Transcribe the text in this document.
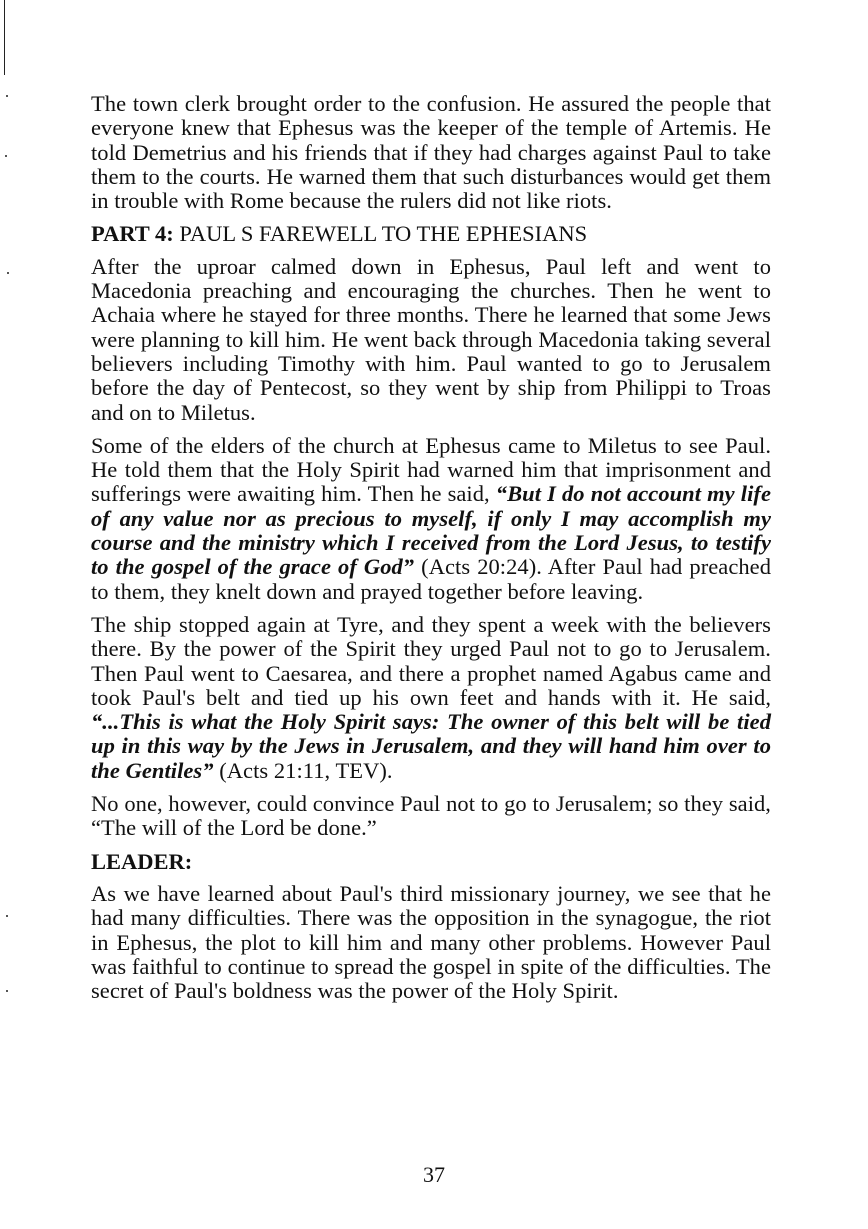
The town clerk brought order to the confusion. He assured the people that everyone knew that Ephesus was the keeper of the temple of Artemis. He told Demetrius and his friends that if they had charges against Paul to take them to the courts. He warned them that such disturbances would get them in trouble with Rome because the rulers did not like riots.

PART 4: PAUL S FAREWELL TO THE EPHESIANS

After the uproar calmed down in Ephesus, Paul left and went to Macedonia preaching and encouraging the churches. Then he went to Achaia where he stayed for three months. There he learned that some Jews were planning to kill him. He went back through Macedonia taking several believers including Timothy with him. Paul wanted to go to Jerusalem before the day of Pentecost, so they went by ship from Philippi to Troas and on to Miletus.

Some of the elders of the church at Ephesus came to Miletus to see Paul. He told them that the Holy Spirit had warned him that imprisonment and sufferings were awaiting him. Then he said, “But I do not account my life of any value nor as precious to myself, if only I may accomplish my course and the ministry which I received from the Lord Jesus, to testify to the gospel of the grace of God” (Acts 20:24). After Paul had preached to them, they knelt down and prayed together before leaving.

The ship stopped again at Tyre, and they spent a week with the believers there. By the power of the Spirit they urged Paul not to go to Jerusalem. Then Paul went to Caesarea, and there a prophet named Agabus came and took Paul's belt and tied up his own feet and hands with it. He said, “...This is what the Holy Spirit says: The owner of this belt will be tied up in this way by the Jews in Jerusalem, and they will hand him over to the Gentiles” (Acts 21:11, TEV).

No one, however, could convince Paul not to go to Jerusalem; so they said, “The will of the Lord be done.”

LEADER:

As we have learned about Paul's third missionary journey, we see that he had many difficulties. There was the opposition in the synagogue, the riot in Ephesus, the plot to kill him and many other problems. However Paul was faithful to continue to spread the gospel in spite of the difficulties. The secret of Paul's boldness was the power of the Holy Spirit.

37
